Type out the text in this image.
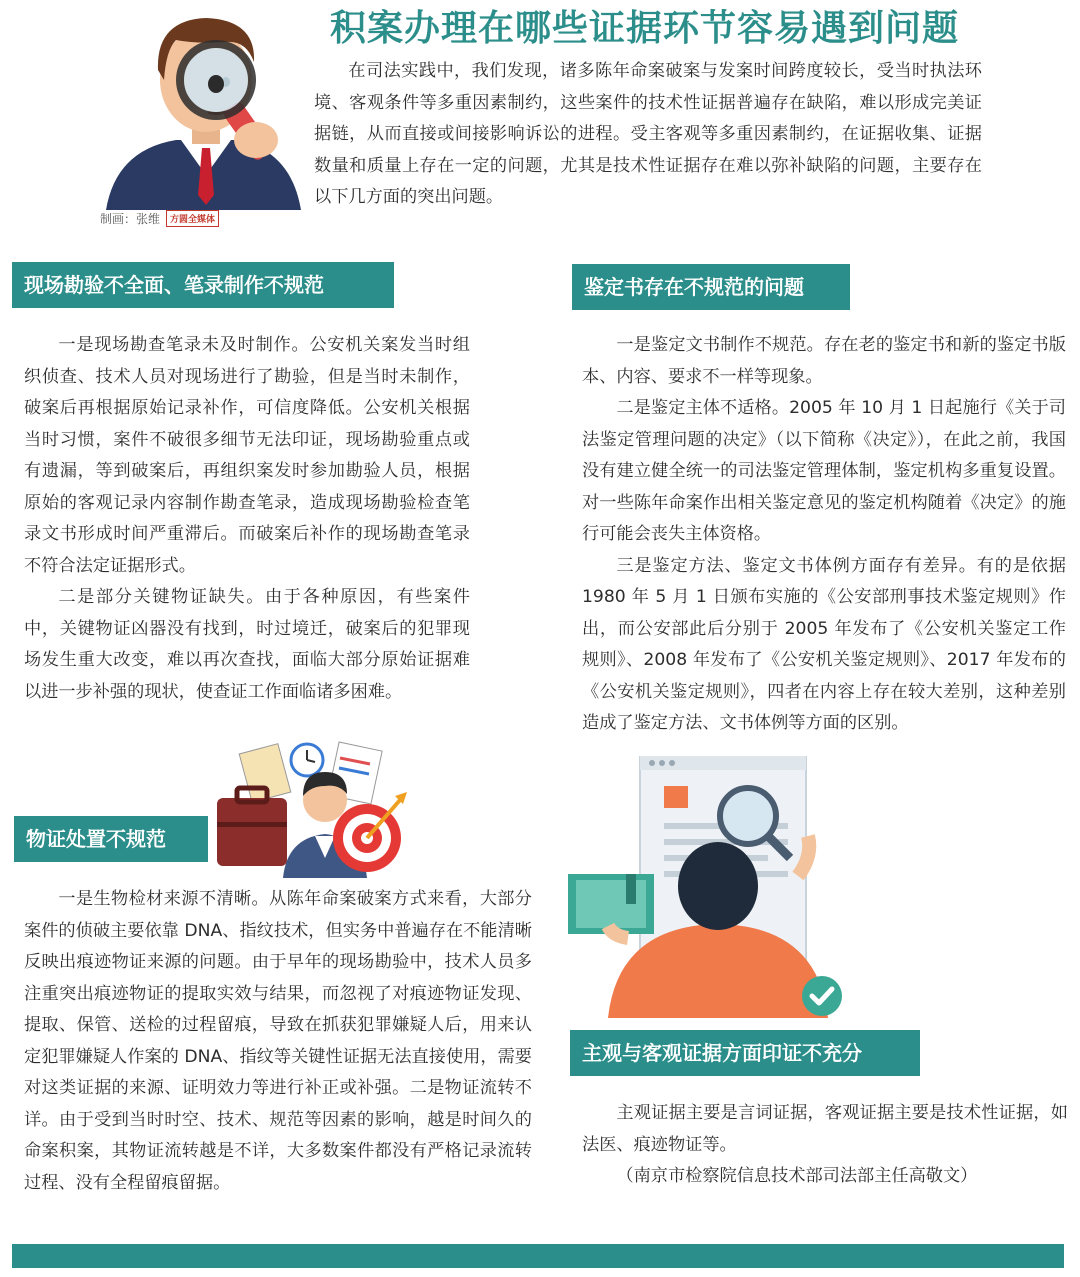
积案办理在哪些证据环节容易遇到问题

在司法实践中，我们发现，诸多陈年命案破案与发案时间跨度较长，受当时执法环境、客观条件等多重因素制约，这些案件的技术性证据普遍存在缺陷，难以形成完美证据链，从而直接或间接影响诉讼的进程。受主客观等多重因素制约，在证据收集、证据数量和质量上存在一定的问题，尤其是技术性证据存在难以弥补缺陷的问题，主要存在以下几方面的突出问题。

制画：张维	方圆全媒体
现场勘验不全面、笔录制作不规范

一是现场勘查笔录未及时制作。公安机关案发当时组织侦查、技术人员对现场进行了勘验，但是当时未制作，破案后再根据原始记录补作，可信度降低。公安机关根据当时习惯，案件不破很多细节无法印证，现场勘验重点或有遗漏，等到破案后，再组织案发时参加勘验人员，根据原始的客观记录内容制作勘查笔录，造成现场勘验检查笔录文书形成时间严重滞后。而破案后补作的现场勘查笔录不符合法定证据形式。

二是部分关键物证缺失。由于各种原因，有些案件中，关键物证凶器没有找到，时过境迁，破案后的犯罪现场发生重大改变，难以再次查找，面临大部分原始证据难以进一步补强的现状，使查证工作面临诸多困难。

鉴定书存在不规范的问题

一是鉴定文书制作不规范。存在老的鉴定书和新的鉴定书版本、内容、要求不一样等现象。

二是鉴定主体不适格。2005 年 10 月 1 日起施行《关于司法鉴定管理问题的决定》（以下简称《决定》），在此之前，我国没有建立健全统一的司法鉴定管理体制，鉴定机构多重复设置。对一些陈年命案作出相关鉴定意见的鉴定机构随着《决定》的施行可能会丧失主体资格。

三是鉴定方法、鉴定文书体例方面存有差异。有的是依据 1980 年 5 月 1 日颁布实施的《公安部刑事技术鉴定规则》作出，而公安部此后分别于 2005 年发布了《公安机关鉴定工作规则》、2008 年发布了《公安机关鉴定规则》、2017 年发布的《公安机关鉴定规则》，四者在内容上存在较大差别，这种差别造成了鉴定方法、文书体例等方面的区别。

物证处置不规范

一是生物检材来源不清晰。从陈年命案破案方式来看，大部分案件的侦破主要依靠 DNA、指纹技术，但实务中普遍存在不能清晰反映出痕迹物证来源的问题。由于早年的现场勘验中，技术人员多注重突出痕迹物证的提取实效与结果，而忽视了对痕迹物证发现、提取、保管、送检的过程留痕，导致在抓获犯罪嫌疑人后，用来认定犯罪嫌疑人作案的 DNA、指纹等关键性证据无法直接使用，需要对这类证据的来源、证明效力等进行补正或补强。二是物证流转不详。由于受到当时时空、技术、规范等因素的影响，越是时间久的命案积案，其物证流转越是不详，大多数案件都没有严格记录流转过程、没有全程留痕留据。

主观与客观证据方面印证不充分

主观证据主要是言词证据，客观证据主要是技术性证据，如法医、痕迹物证等。

（南京市检察院信息技术部司法部主任高敬文）
